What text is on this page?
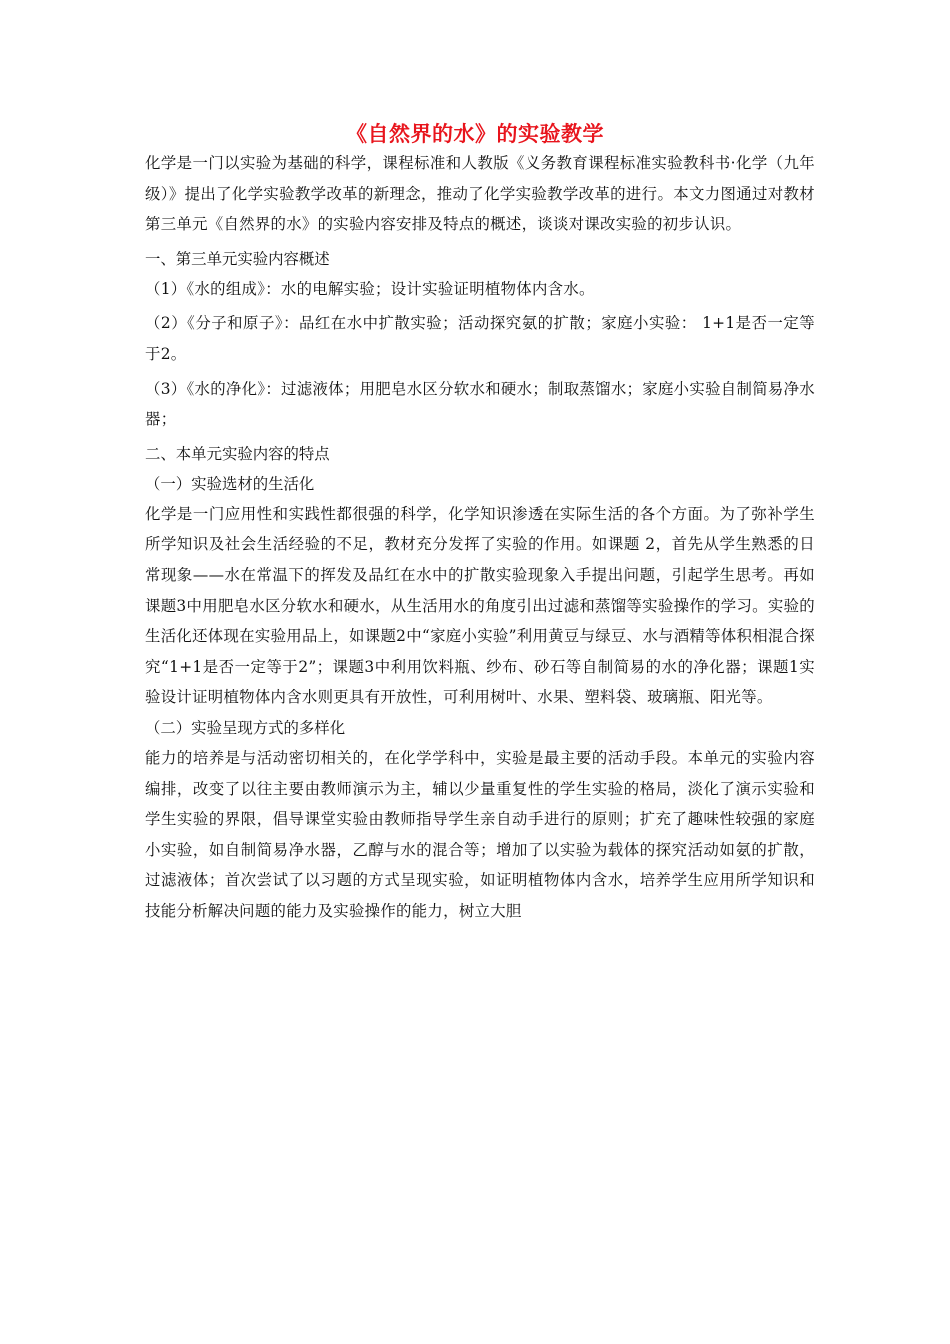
《自然界的水》的实验教学

化学是一门以实验为基础的科学，课程标准和人教版《义务教育课程标准实验教科书·化学（九年级）》提出了化学实验教学改革的新理念，推动了化学实验教学改革的进行。本文力图通过对教材第三单元《自然界的水》的实验内容安排及特点的概述，谈谈对课改实验的初步认识。

一、第三单元实验内容概述

（1）《水的组成》：水的电解实验；设计实验证明植物体内含水。

（2）《分子和原子》：品红在水中扩散实验；活动探究氨的扩散；家庭小实验： 1+1是否一定等于2。

（3）《水的净化》：过滤液体；用肥皂水区分软水和硬水；制取蒸馏水；家庭小实验自制简易净水器；

二、本单元实验内容的特点

（一）实验选材的生活化

化学是一门应用性和实践性都很强的科学，化学知识渗透在实际生活的各个方面。为了弥补学生所学知识及社会生活经验的不足，教材充分发挥了实验的作用。如课题 2，首先从学生熟悉的日常现象——水在常温下的挥发及品红在水中的扩散实验现象入手提出问题，引起学生思考。再如课题3中用肥皂水区分软水和硬水，从生活用水的角度引出过滤和蒸馏等实验操作的学习。实验的生活化还体现在实验用品上，如课题2中“家庭小实验”利用黄豆与绿豆、水与酒精等体积相混合探究“1+1是否一定等于2”；课题3中利用饮料瓶、纱布、砂石等自制简易的水的净化器；课题1实验设计证明植物体内含水则更具有开放性，可利用树叶、水果、塑料袋、玻璃瓶、阳光等。

（二）实验呈现方式的多样化

能力的培养是与活动密切相关的，在化学学科中，实验是最主要的活动手段。本单元的实验内容编排，改变了以往主要由教师演示为主，辅以少量重复性的学生实验的格局，淡化了演示实验和学生实验的界限，倡导课堂实验由教师指导学生亲自动手进行的原则；扩充了趣味性较强的家庭小实验，如自制简易净水器，乙醇与水的混合等；增加了以实验为载体的探究活动如氨的扩散，过滤液体；首次尝试了以习题的方式呈现实验，如证明植物体内含水，培养学生应用所学知识和技能分析解决问题的能力及实验操作的能力，树立大胆
